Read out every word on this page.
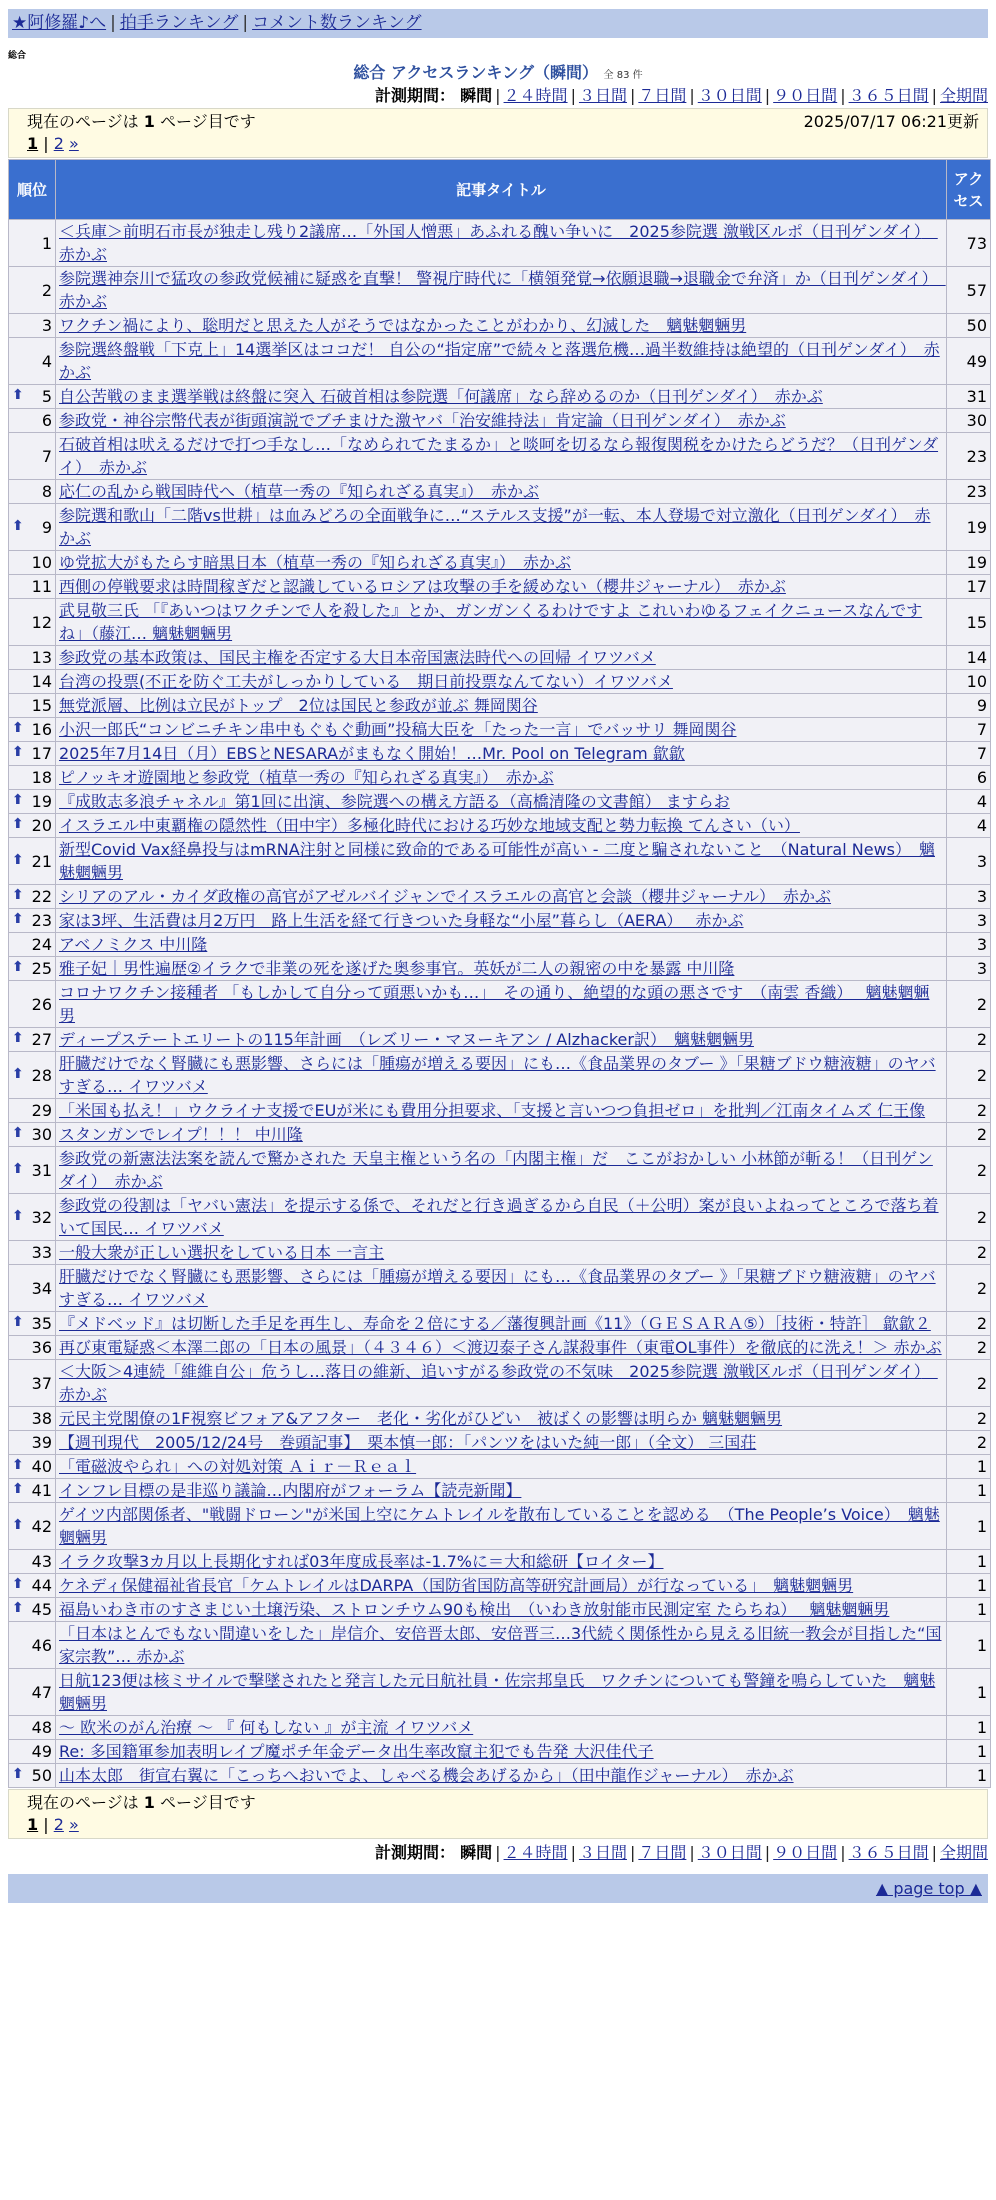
★阿修羅♪へ | 拍手ランキング | コメント数ランキング
総合
総合 アクセスランキング（瞬間） 全 83 件
計測期間： 瞬間 | ２４時間 | ３日間 | ７日間 | ３０日間 | ９０日間 | ３６５日間 | 全期間
現在のページは 1 ページ目です	2025/07/17 06:21更新
1 | 2 »
順位	記事タイトル	アクセス
1	＜兵庫＞前明石市長が独走し残り2議席…「外国人憎悪」あふれる醜い争いに　2025参院選 激戦区ルポ（日刊ゲンダイ）　赤かぶ	73
2	参院選神奈川で猛攻の参政党候補に疑惑を直撃！ 警視庁時代に「横領発覚→依願退職→退職金で弁済」か（日刊ゲンダイ）　赤かぶ	57
3	ワクチン禍により、聡明だと思えた人がそうではなかったことがわかり、幻滅した　魑魅魍魎男	50
4	参院選終盤戦「下克上」14選挙区はココだ！ 自公の“指定席”で続々と落選危機…過半数維持は絶望的（日刊ゲンダイ）　赤かぶ	49

⬆ 5	自公苦戦のまま選挙戦は終盤に突入 石破首相は参院選「何議席」なら辞めるのか（日刊ゲンダイ）　赤かぶ	31
6	参政党・神谷宗幣代表が街頭演説でブチまけた激ヤバ「治安維持法」肯定論（日刊ゲンダイ）　赤かぶ	30
7	石破首相は吠えるだけで打つ手なし…「なめられてたまるか」と啖呵を切るなら報復関税をかけたらどうだ？（日刊ゲンダイ）　赤かぶ	23
8	応仁の乱から戦国時代へ（植草一秀の『知られざる真実』）　赤かぶ	23

⬆ 9	参院選和歌山「二階vs世耕」は血みどろの全面戦争に…“ステルス支援”が一転、本人登場で対立激化（日刊ゲンダイ）　赤かぶ	19
10	ゆ党拡大がもたらす暗黒日本（植草一秀の『知られざる真実』）　赤かぶ	19
11	西側の停戦要求は時間稼ぎだと認識しているロシアは攻撃の手を緩めない（櫻井ジャーナル）　赤かぶ	17
12	武見敬三氏 「『あいつはワクチンで人を殺した』とか、ガンガンくるわけですよ これいわゆるフェイクニュースなんですね」（藤江… 魑魅魍魎男	15
13	参政党の基本政策は、国民主権を否定する大日本帝国憲法時代への回帰 イワツバメ	14
14	台湾の投票(不正を防ぐ工夫がしっかりしている　期日前投票なんてない）イワツバメ	10
15	無党派層、比例は立民がトップ　2位は国民と参政が並ぶ 舞岡関谷	9

⬆ 16	小沢一郎氏“コンビニチキン串中もぐもぐ動画”投稿大臣を「たった一言」でバッサリ 舞岡関谷	7

⬆ 17	2025年7月14日（月）EBSとNESARAがまもなく開始！…Mr. Pool on Telegram 歙歙	7
18	ピノッキオ遊園地と参政党（植草一秀の『知られざる真実』）　赤かぶ	6

⬆ 19	『成敗志多浪チャネル』第1回に出演、参院選への構え方語る（高橋清隆の文書館） ますらお	4

⬆ 20	イスラエル中東覇権の隠然性（田中宇）多極化時代における巧妙な地域支配と勢力転換 てんさい（い）	4

⬆ 21	新型Covid Vax経鼻投与はmRNA注射と同様に致命的である可能性が高い - 二度と騙されないこと　（Natural News）　魑魅魍魎男	3

⬆ 22	シリアのアル・カイダ政権の高官がアゼルバイジャンでイスラエルの高官と会談（櫻井ジャーナル）　赤かぶ	3

⬆ 23	家は3坪、生活費は月2万円　路上生活を経て行きついた身軽な“小屋”暮らし（AERA）　 赤かぶ	3
24	アベノミクス 中川隆	3

⬆ 25	雅子妃｜男性遍歴②イラクで非業の死を遂げた奥参事官。英妖が二人の親密の中を暴露 中川隆	3
26	コロナワクチン接種者 「もしかして自分って頭悪いかも…」　その通り、絶望的な頭の悪さです　（南雲 香織）　 魑魅魍魎男	2

⬆ 27	ディープステートエリートの115年計画　（レズリー・マヌーキアン / Alzhacker訳）　魑魅魍魎男	2

⬆ 28	肝臓だけでなく腎臓にも悪影響、さらには「腫瘍が増える要因」にも…《食品業界のタブー 》「果糖ブドウ糖液糖」のヤバすぎる… イワツバメ	2
29	「米国も払え！」ウクライナ支援でEUが米にも費用分担要求、「支援と言いつつ負担ゼロ」を批判／江南タイムズ 仁王像	2

⬆ 30	スタンガンでレイプ！！！ 中川隆	2

⬆ 31	参政党の新憲法法案を読んで驚かされた 天皇主権という名の「内閣主権」だ　ここがおかしい 小林節が斬る！（日刊ゲンダイ）　赤かぶ	2

⬆ 32	参政党の役割は「ヤバい憲法」を提示する係で、それだと行き過ぎるから自民（＋公明）案が良いよねってところで落ち着いて国民… イワツバメ	2
33	一般大衆が正しい選択をしている日本 一言主	2
34	肝臓だけでなく腎臓にも悪影響、さらには「腫瘍が増える要因」にも…《食品業界のタブー 》「果糖ブドウ糖液糖」のヤバすぎる… イワツバメ	2

⬆ 35	『メドベッド』は切断した手足を再生し、寿命を２倍にする／藩復興計画《11》（ＧＥＳＡＲＡ⑤）［技術・特許］ 歙歙２	2
36	再び東電疑惑＜本澤二郎の「日本の風景」（４３４６）＜渡辺泰子さん謀殺事件（東電OL事件）を徹底的に洗え！＞ 赤かぶ	2
37	＜大阪＞4連続「維維自公」危うし…落日の維新、追いすがる参政党の不気味　2025参院選 激戦区ルポ（日刊ゲンダイ）　赤かぶ	2
38	元民主党閣僚の1F視察ビフォア&アフター　老化・劣化がひどい　被ばくの影響は明らか 魑魅魍魎男	2
39	【週刊現代　2005/12/24号　巻頭記事】　栗本慎一郎：「パンツをはいた純一郎」（全文） 三国荘	2

⬆ 40	「電磁波やられ」への対処対策 Ａｉｒ－Ｒｅａｌ	1

⬆ 41	インフレ目標の是非巡り議論…内閣府がフォーラム【読売新聞】	1

⬆ 42	ゲイツ内部関係者、"戦闘ドローン"が米国上空にケムトレイルを散布していることを認める　（The People’s Voice）　魑魅魍魎男	1
43	イラク攻撃3カ月以上長期化すれば03年度成長率は-1.7%に＝大和総研【ロイター】	1

⬆ 44	ケネディ保健福祉省長官「ケムトレイルはDARPA（国防省国防高等研究計画局）が行なっている」　魑魅魍魎男	1

⬆ 45	福島いわき市のすさまじい土壌汚染、ストロンチウム90も検出　（いわき放射能市民測定室 たらちね）　 魑魅魍魎男	1
46	「日本はとんでもない間違いをした」岸信介、安倍晋太郎、安倍晋三…3代続く関係性から見える旧統一教会が目指した“国家宗教”… 赤かぶ	1
47	日航123便は核ミサイルで撃墜されたと発言した元日航社員・佐宗邦皇氏　ワクチンについても警鐘を鳴らしていた　魑魅魍魎男	1
48	～ 欧米のがん治療 ～ 『 何もしない 』が主流 イワツバメ	1
49	Re: 多国籍軍参加表明レイプ魔ポチ年金データ出生率改竄主犯でも告発 大沢佳代子	1

⬆ 50	山本太郎　街宣右翼に「こっちへおいでよ、しゃべる機会あげるから」（田中龍作ジャーナル）　赤かぶ	1
現在のページは 1 ページ目です
1 | 2 »
計測期間： 瞬間 | ２４時間 | ３日間 | ７日間 | ３０日間 | ９０日間 | ３６５日間 | 全期間
▲ page top ▲
